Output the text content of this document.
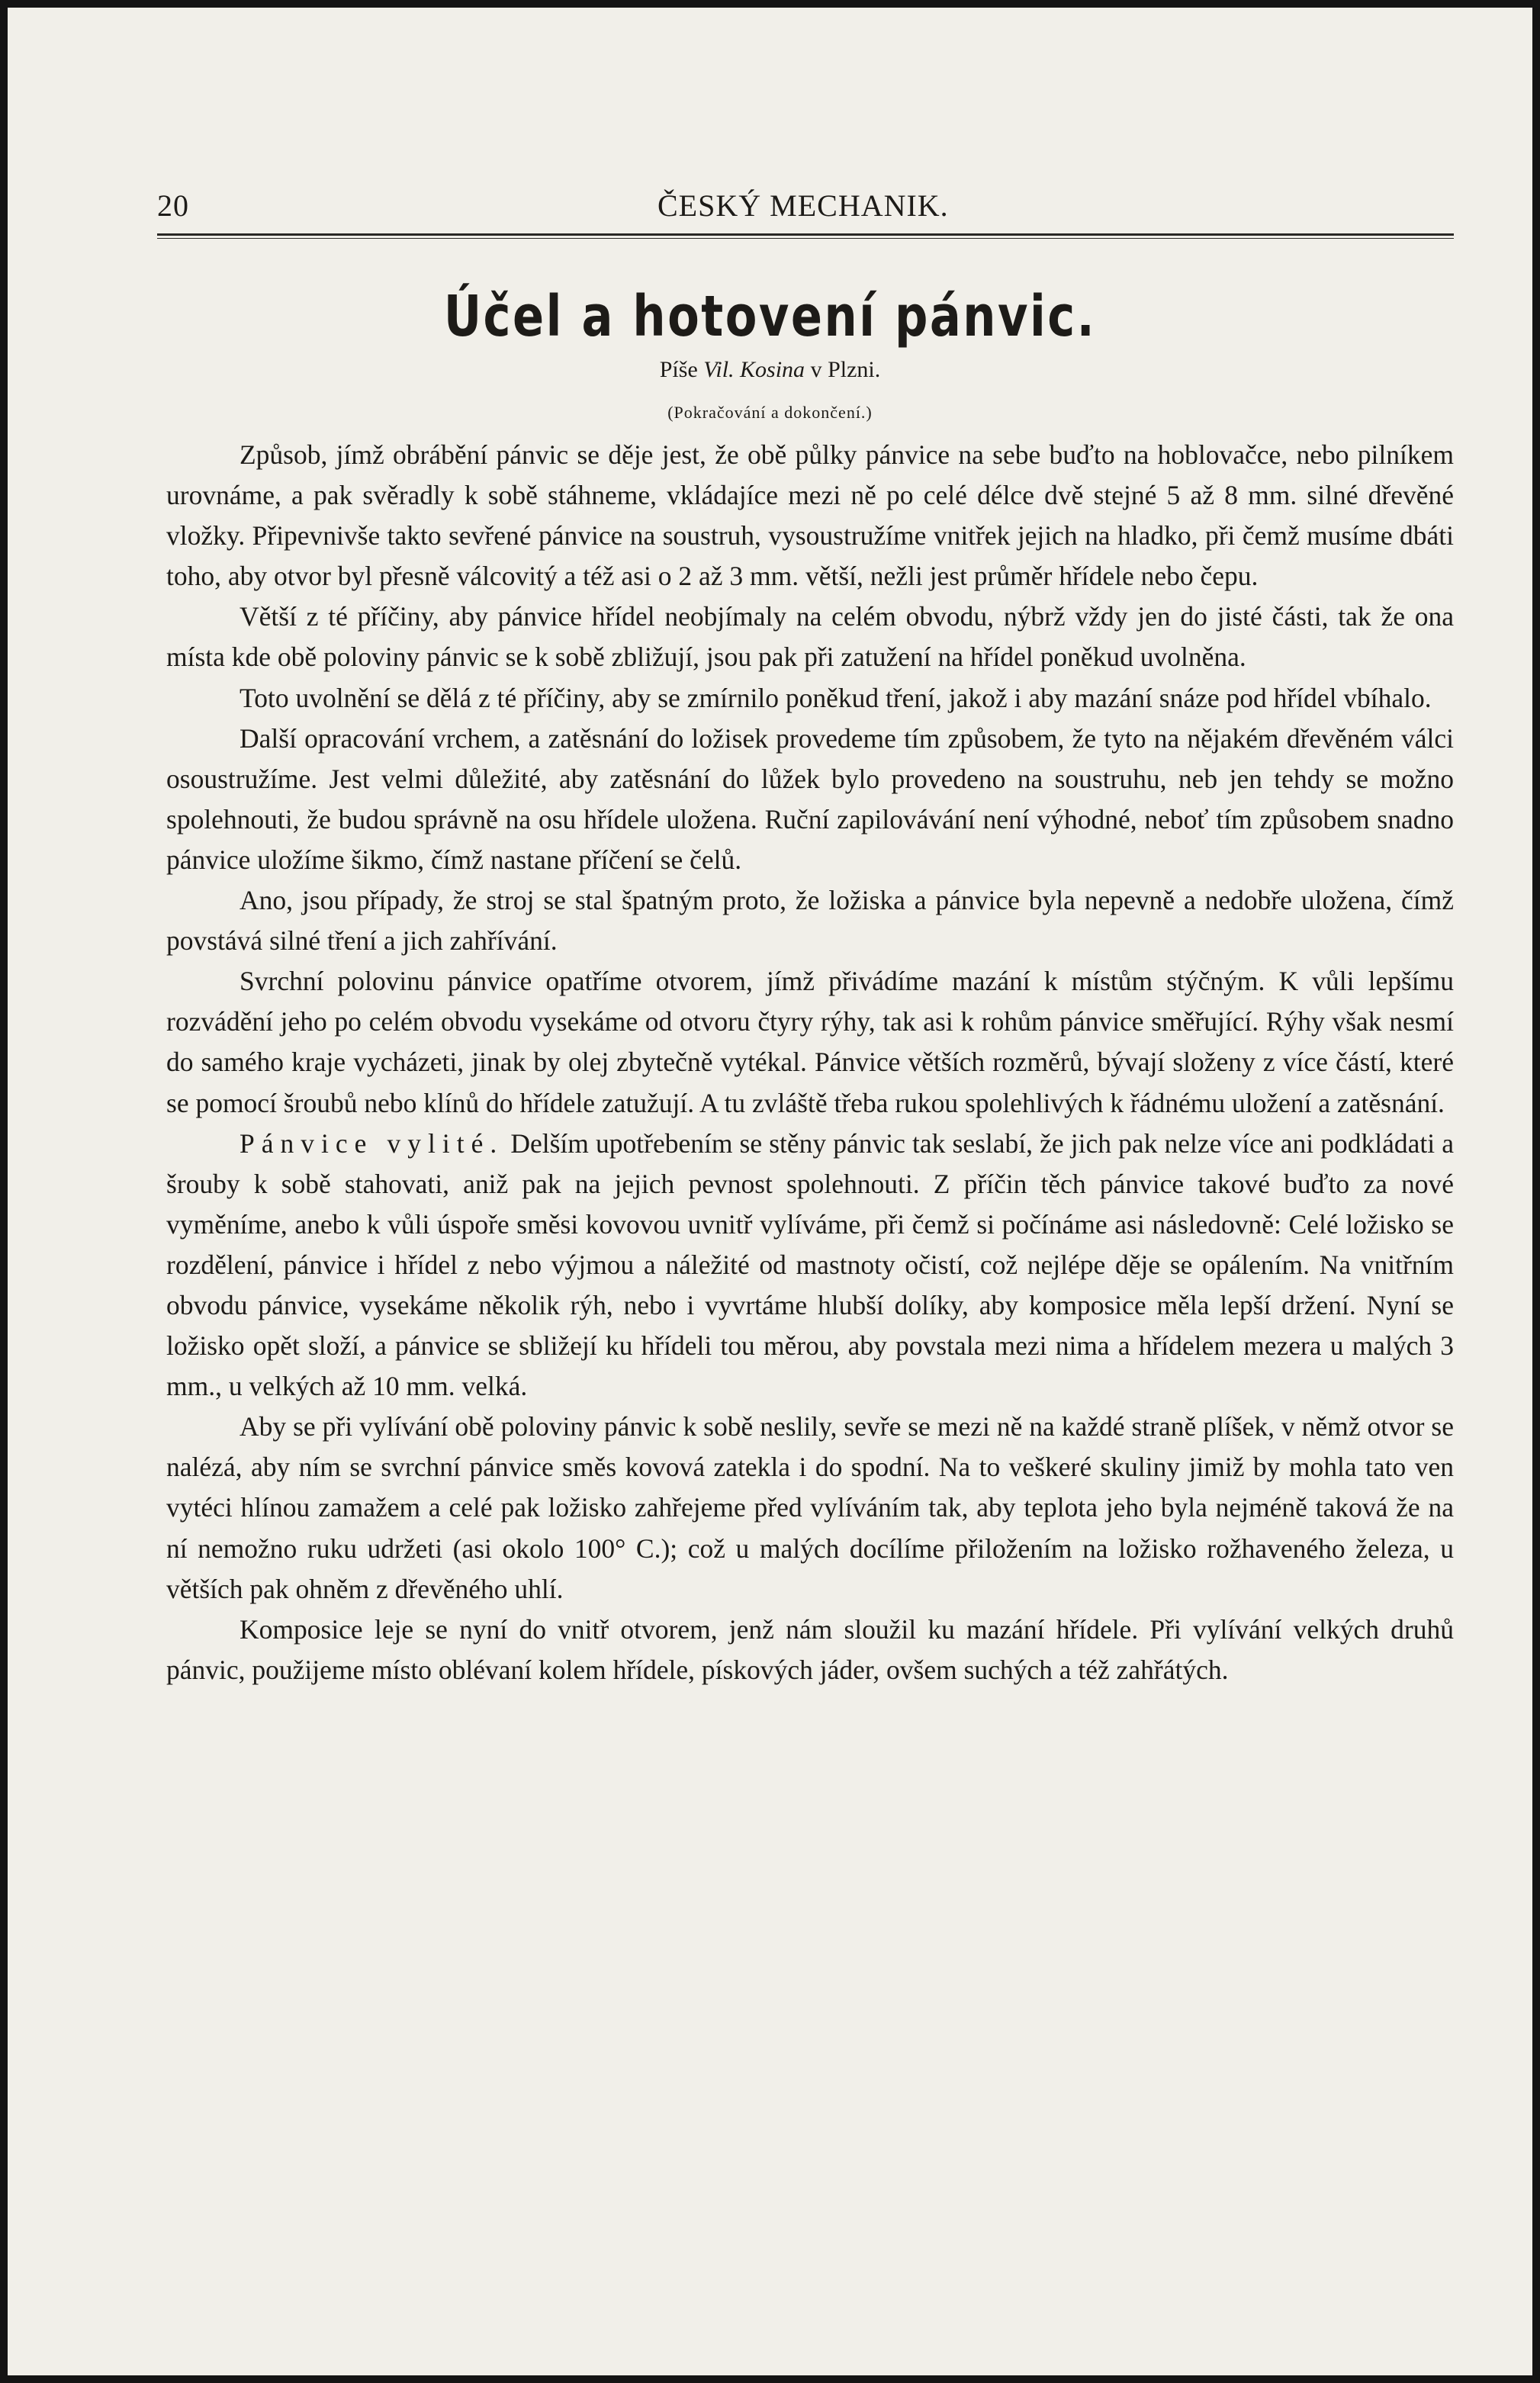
20	ČESKÝ MECHANIK.
Účel a hotovení pánvic.
Píše Vil. Kosina v Plzni.
(Pokračování a dokončení.)

Způsob, jímž obrábění pánvic se děje jest, že obě půlky pánvice na sebe buďto na hoblovačce, nebo pilníkem urovnáme, a pak svěradly k sobě stáhneme, vkládajíce mezi ně po celé délce dvě stejné 5 až 8 mm. silné dřevěné vložky. Připevnivše takto sevřené pánvice na soustruh, vysoustružíme vnitřek jejich na hladko, při čemž musíme dbáti toho, aby otvor byl přesně válcovitý a též asi o 2 až 3 mm. větší, nežli jest průměr hřídele nebo čepu.

Větší z té příčiny, aby pánvice hřídel neobjímaly na celém obvodu, nýbrž vždy jen do jisté části, tak že ona místa kde obě poloviny pánvic se k sobě zbližují, jsou pak při zatužení na hřídel poněkud uvolněna.

Toto uvolnění se dělá z té příčiny, aby se zmírnilo poněkud tření, jakož i aby mazání snáze pod hřídel vbíhalo.

Další opracování vrchem, a zatěsnání do ložisek provedeme tím způsobem, že tyto na nějakém dřevěném válci osoustružíme. Jest velmi důležité, aby zatěsnání do lůžek bylo provedeno na soustruhu, neb jen tehdy se možno spolehnouti, že budou správně na osu hřídele uložena. Ruční zapilovávání není výhodné, neboť tím způsobem snadno pánvice uložíme šikmo, čímž nastane příčení se čelů.

Ano, jsou případy, že stroj se stal špatným proto, že ložiska a pánvice byla nepevně a nedobře uložena, čímž povstává silné tření a jich zahřívání.

Svrchní polovinu pánvice opatříme otvorem, jímž přivádíme mazání k místům stýčným. K vůli lepšímu rozvádění jeho po celém obvodu vysekáme od otvoru čtyry rýhy, tak asi k rohům pánvice směřující. Rýhy však nesmí do samého kraje vycházeti, jinak by olej zbytečně vytékal. Pánvice větších rozměrů, bývají složeny z více částí, které se pomocí šroubů nebo klínů do hřídele zatužují. A tu zvláště třeba rukou spolehlivých k řádnému uložení a zatěsnání.

Pánvice vylité. Delším upotřebením se stěny pánvic tak seslabí, že jich pak nelze více ani podkládati a šrouby k sobě stahovati, aniž pak na jejich pevnost spolehnouti. Z příčin těch pánvice takové buďto za nové vyměníme, anebo k vůli úspoře směsi kovovou uvnitř vylíváme, při čemž si počínáme asi následovně: Celé ložisko se rozdělení, pánvice i hřídel z nebo výjmou a náležité od mastnoty očistí, což nejlépe děje se opálením. Na vnitřním obvodu pánvice, vysekáme několik rýh, nebo i vyvrtáme hlubší dolíky, aby komposice měla lepší držení. Nyní se ložisko opět složí, a pánvice se sbližejí ku hřídeli tou měrou, aby povstala mezi nima a hřídelem mezera u malých 3 mm., u velkých až 10 mm. velká.

Aby se při vylívání obě poloviny pánvic k sobě neslily, sevře se mezi ně na každé straně plíšek, v němž otvor se nalézá, aby ním se svrchní pánvice směs kovová zatekla i do spodní. Na to veškeré skuliny jimiž by mohla tato ven vytéci hlínou zamažem a celé pak ložisko zahřejeme před vylíváním tak, aby teplota jeho byla nejméně taková že na ní nemožno ruku udržeti (asi okolo 100° C.); což u malých docílíme přiložením na ložisko rožhaveného železa, u větších pak ohněm z dřevěného uhlí.

Komposice leje se nyní do vnitř otvorem, jenž nám sloužil ku mazání hřídele. Při vylívání velkých druhů pánvic, použijeme místo oblévaní kolem hřídele, pískových jáder, ovšem suchých a též zahřátých.
